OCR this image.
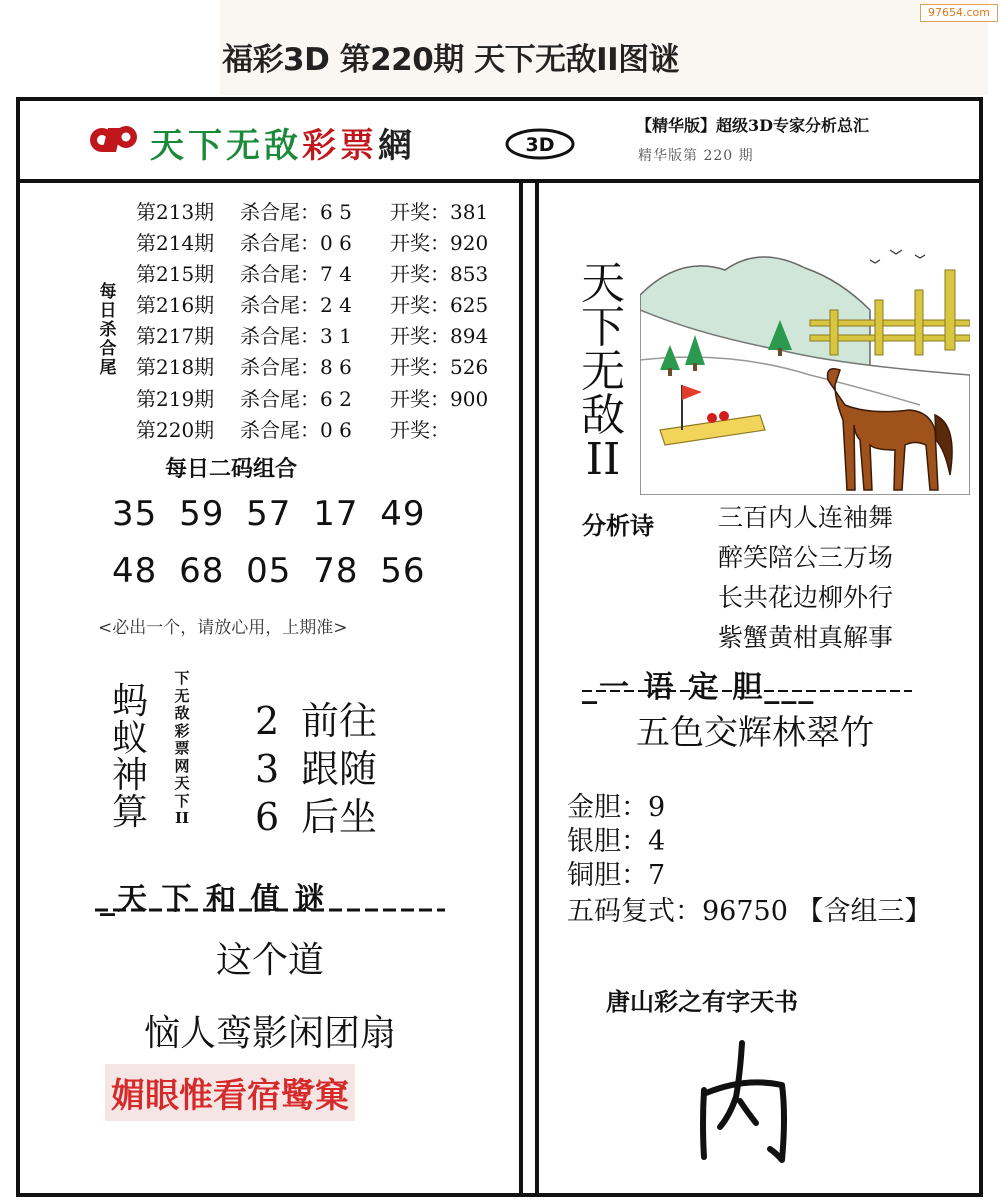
97654.com
福彩3D 第220期 天下无敌II图谜
天下无敌彩票網	3D
【精华版】超级3D专家分析总汇
精华版第 220 期
每日杀合尾
第213期 杀合尾：6 5 开奖：381
第214期 杀合尾：0 6 开奖：920
第215期 杀合尾：7 4 开奖：853
第216期 杀合尾：2 4 开奖：625
第217期 杀合尾：3 1 开奖：894
第218期 杀合尾：8 6 开奖：526
第219期 杀合尾：6 2 开奖：900
第220期 杀合尾：0 6 开奖：
每日二码组合
35 59 57 17 49
48 68 05 78 56
<必出一个，请放心用，上期准>
蚂蚁神算
下无敌彩票网天下II
2 前往
3 跟随
6 后坐
_天 下 和 值 谜
这个道
恼人鸾影闲团扇
媚眼惟看宿鹭窠
天下无敌II
分析诗	三百内人连袖舞
醉笑陪公三万场
长共花边柳外行
紫蟹黄柑真解事
_一 语 定 胆___
五色交辉林翠竹
金胆：9
银胆：4
铜胆：7
五码复式：96750 【含组三】
唐山彩之有字天书
